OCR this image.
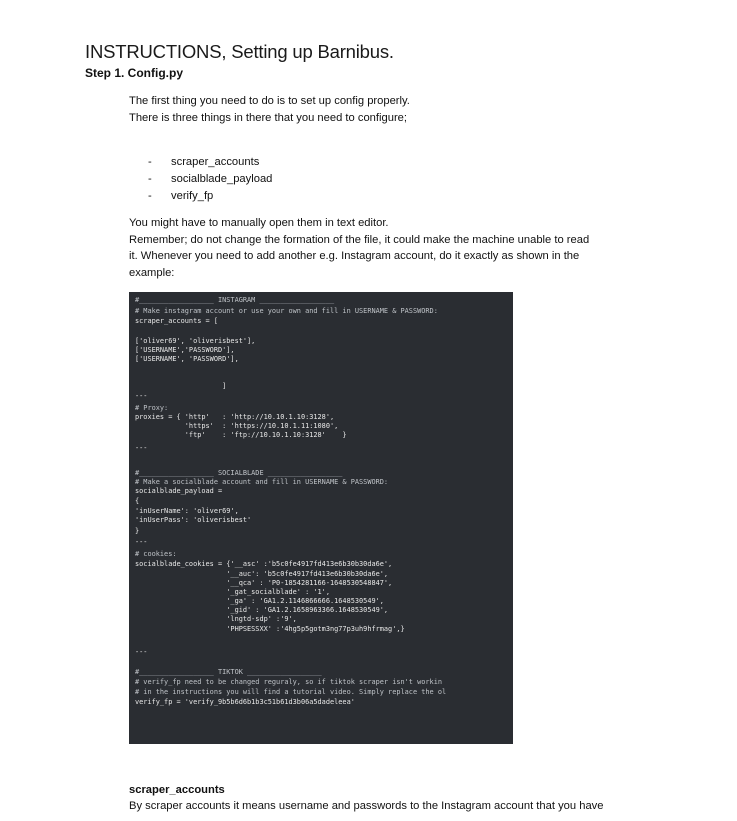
INSTRUCTIONS, Setting up Barnibus.
Step 1. Config.py
The first thing you need to do is to set up config properly.
There is three things in there that you need to configure;
- scraper_accounts
- socialblade_payload
- verify_fp
You might have to manually open them in text editor.
Remember; do not change the formation of the file, it could make the machine unable to read
it. Whenever you need to add another e.g. Instagram account, do it exactly as shown in the
example:
#__________________ INSTAGRAM __________________
# Make instagram account or use your own and fill in USERNAME & PASSWORD:
scraper_accounts = [
['oliver69', 'oliverisbest'],
['USERNAME','PASSWORD'],
['USERNAME', 'PASSWORD'],
]
---
# Proxy:
proxies = { 'http'   : 'http://10.10.1.10:3128',
'https'  : 'https://10.10.1.11:1080',
'ftp'    : 'ftp://10.10.1.10:3128'    }
---
#__________________ SOCIALBLADE __________________
# Make a socialblade account and fill in USERNAME & PASSWORD:
socialblade_payload =
{
'inUserName': 'oliver69',
'inUserPass': 'oliverisbest'
}
---
# cookies:
socialblade_cookies = {'__asc' :'b5c0fe4917fd413e6b30b30da6e',
'__auc': 'b5c0fe4917fd413e6b30b30da6e',
'__qca' : 'P0-1854281166-1648530548847',
'_gat_socialblade' : '1',
'_ga' : 'GA1.2.1146866666.1648530549',
'_gid' : 'GA1.2.1658963366.1648530549',
'lngtd-sdp' :'9',
'PHPSESSXX' :'4hg5p5gotm3ng77p3uh9hfrmag',}
---
#__________________ TIKTOK __________________
# verify_fp need to be changed reguraly, so if tiktok scraper isn't workin
# in the instructions you will find a tutorial video. Simply replace the ol
verify_fp = 'verify_9b5b6d6b1b3c51b61d3b06a5dadeleea'
scraper_accounts
By scraper accounts it means username and passwords to the Instagram account that you have
